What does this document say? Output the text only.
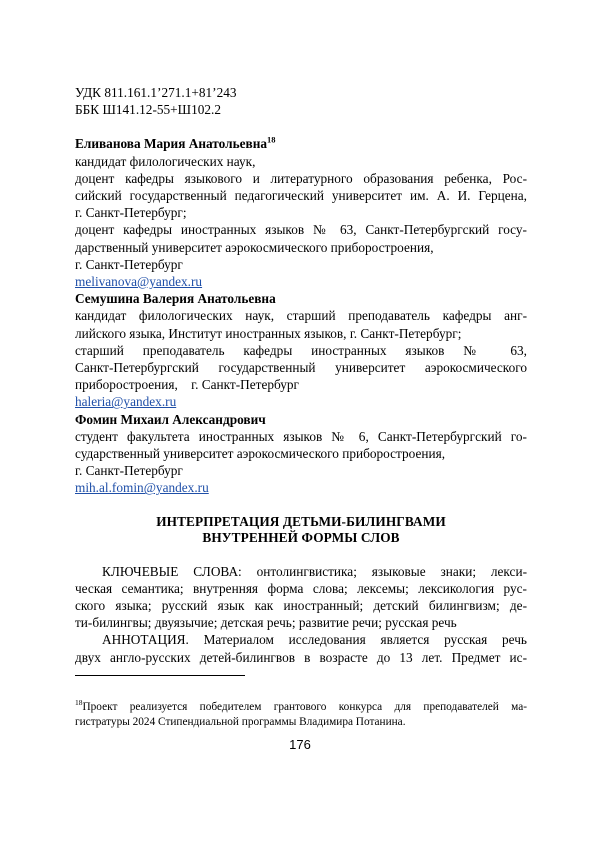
УДК 811.161.1’271.1+81’243
ББК Ш141.12-55+Ш102.2
Еливанова Мария Анатольевна$^{18}$
кандидат филологических наук,
доцент кафедры языкового и литературного образования ребенка, Рос-
сийский государственный педагогический университет им. А. И. Герцена,
г. Санкт-Петербург;
доцент кафедры иностранных языков № 63, Санкт-Петербургский госу-
дарственный университет аэрокосмического приборостроения,
г. Санкт-Петербург
melivanova@yandex.ru
Семушина Валерия Анатольевна
кандидат филологических наук, старший преподаватель кафедры анг-
лийского языка, Институт иностранных языков, г. Санкт-Петербург;
старший преподаватель кафедры иностранных языков № 63,
Санкт-Петербургский государственный университет аэрокосмического
приборостроения,    г. Санкт-Петербург
haleria@yandex.ru
Фомин Михаил Александрович
студент факультета иностранных языков № 6, Санкт-Петербургский го-
сударственный университет аэрокосмического приборостроения,
г. Санкт-Петербург
mih.al.fomin@yandex.ru
ИНТЕРПРЕТАЦИЯ ДЕТЬМИ-БИЛИНГВАМИ
ВНУТРЕННЕЙ ФОРМЫ СЛОВ
КЛЮЧЕВЫЕ СЛОВА: онтолингвистика; языковые знаки; лекси-
ческая семантика; внутренняя форма слова; лексемы; лексикология рус-
ского языка; русский язык как иностранный; детский билингвизм; де-
ти-билингвы; двуязычие; детская речь; развитие речи; русская речь
АННОТАЦИЯ. Материалом исследования является русская речь
двух англо-русских детей-билингвов в возрасте до 13 лет. Предмет ис-
$^{18}$Проект реализуется победителем грантового конкурса для преподавателей ма-
гистратуры 2024 Стипендиальной программы Владимира Потанина.
176
